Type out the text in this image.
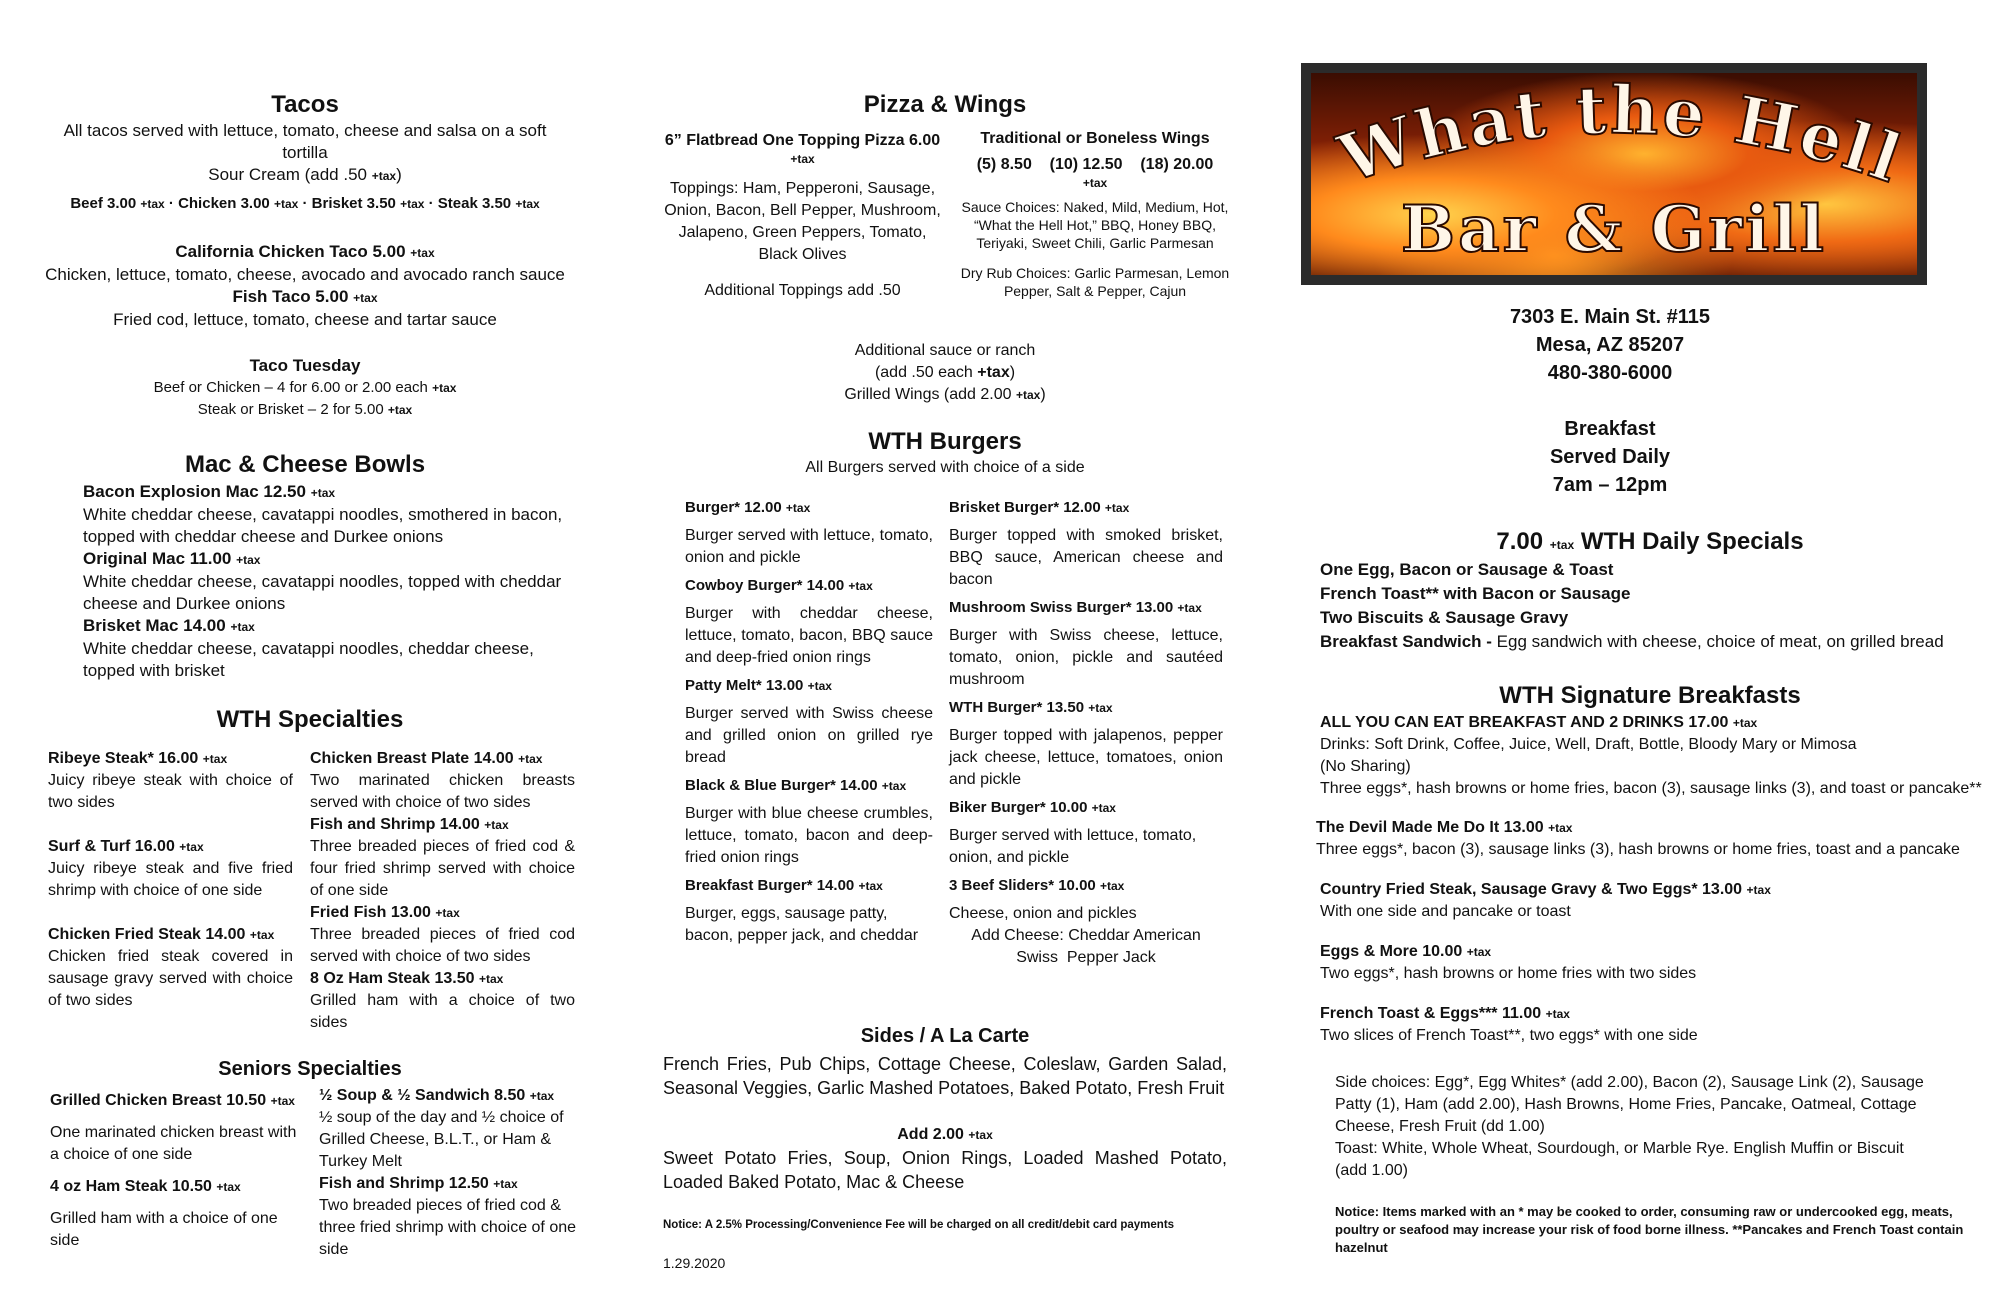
Tacos
All tacos served with lettuce, tomato, cheese and salsa on a soft
tortilla
Sour Cream (add .50 +tax)
Beef 3.00 +tax · Chicken 3.00 +tax · Brisket 3.50 +tax · Steak 3.50 +tax
California Chicken Taco 5.00 +tax
Chicken, lettuce, tomato, cheese, avocado and avocado ranch sauce
Fish Taco 5.00 +tax
Fried cod, lettuce, tomato, cheese and tartar sauce
Taco Tuesday
Beef or Chicken – 4 for 6.00 or 2.00 each +tax
Steak or Brisket – 2 for 5.00 +tax
Mac & Cheese Bowls
Bacon Explosion Mac 12.50 +tax
White cheddar cheese, cavatappi noodles, smothered in bacon, topped with cheddar cheese and Durkee onions
Original Mac 11.00 +tax
White cheddar cheese, cavatappi noodles, topped with cheddar cheese and Durkee onions
Brisket Mac 14.00 +tax
White cheddar cheese, cavatappi noodles, cheddar cheese, topped with brisket
WTH Specialties
Ribeye Steak* 16.00 +tax
Juicy ribeye steak with choice of two sides
Surf & Turf 16.00 +tax
Juicy ribeye steak and five fried shrimp with choice of one side
Chicken Fried Steak 14.00 +tax
Chicken fried steak covered in sausage gravy served with choice of two sides
Chicken Breast Plate 14.00 +tax
Two marinated chicken breasts served with choice of two sides
Fish and Shrimp 14.00 +tax
Three breaded pieces of fried cod & four fried shrimp served with choice of one side
Fried Fish 13.00 +tax
Three breaded pieces of fried cod served with choice of two sides
8 Oz Ham Steak 13.50 +tax
Grilled ham with a choice of two sides
Seniors Specialties
Grilled Chicken Breast 10.50 +tax
One marinated chicken breast with a choice of one side
4 oz Ham Steak 10.50 +tax
Grilled ham with a choice of one side
½ Soup & ½ Sandwich 8.50 +tax
½ soup of the day and ½ choice of Grilled Cheese, B.L.T., or Ham & Turkey Melt
Fish and Shrimp 12.50 +tax
Two breaded pieces of fried cod & three fried shrimp with choice of one side
Pizza & Wings
6” Flatbread One Topping Pizza 6.00
+tax
Toppings: Ham, Pepperoni, Sausage, Onion, Bacon, Bell Pepper, Mushroom, Jalapeno, Green Peppers, Tomato, Black Olives
Additional Toppings add .50
Traditional or Boneless Wings
(5) 8.50    (10) 12.50    (18) 20.00
+tax
Sauce Choices: Naked, Mild, Medium, Hot, “What the Hell Hot,” BBQ, Honey BBQ, Teriyaki, Sweet Chili, Garlic Parmesan
Dry Rub Choices: Garlic Parmesan, Lemon Pepper, Salt & Pepper, Cajun
Additional sauce or ranch
(add .50 each +tax)
Grilled Wings (add 2.00 +tax)
WTH Burgers
All Burgers served with choice of a side
Burger* 12.00 +tax
Burger served with lettuce, tomato, onion and pickle
Cowboy Burger* 14.00 +tax
Burger with cheddar cheese, lettuce, tomato, bacon, BBQ sauce and deep-fried onion rings
Patty Melt* 13.00 +tax
Burger served with Swiss cheese and grilled onion on grilled rye bread
Black & Blue Burger* 14.00 +tax
Burger with blue cheese crumbles, lettuce, tomato, bacon and deep-fried onion rings
Breakfast Burger* 14.00 +tax
Burger, eggs, sausage patty, bacon, pepper jack, and cheddar
Brisket Burger* 12.00 +tax
Burger topped with smoked brisket, BBQ sauce, American cheese and bacon
Mushroom Swiss Burger* 13.00 +tax
Burger with Swiss cheese, lettuce, tomato, onion, pickle and sautéed mushroom
WTH Burger* 13.50 +tax
Burger topped with jalapenos, pepper jack cheese, lettuce, tomatoes, onion and pickle
Biker Burger* 10.00 +tax
Burger served with lettuce, tomato, onion, and pickle
3 Beef Sliders* 10.00 +tax
Cheese, onion and pickles
Add Cheese: Cheddar American
Swiss  Pepper Jack
Sides / A La Carte
French Fries, Pub Chips, Cottage Cheese, Coleslaw, Garden Salad, Seasonal Veggies, Garlic Mashed Potatoes, Baked Potato, Fresh Fruit
Add 2.00 +tax
Sweet Potato Fries, Soup, Onion Rings, Loaded Mashed Potato, Loaded Baked Potato, Mac & Cheese
Notice: A 2.5% Processing/Convenience Fee will be charged on all credit/debit card payments
1.29.2020
What the Hell
Bar & Grill
7303 E. Main St. #115
Mesa, AZ 85207
480-380-6000
Breakfast
Served Daily
7am – 12pm
7.00 +tax WTH Daily Specials
One Egg, Bacon or Sausage & Toast
French Toast** with Bacon or Sausage
Two Biscuits & Sausage Gravy
Breakfast Sandwich - Egg sandwich with cheese, choice of meat, on grilled bread
WTH Signature Breakfasts
ALL YOU CAN EAT BREAKFAST AND 2 DRINKS 17.00 +tax
Drinks: Soft Drink, Coffee, Juice, Well, Draft, Bottle, Bloody Mary or Mimosa
(No Sharing)
Three eggs*, hash browns or home fries, bacon (3), sausage links (3), and toast or pancake**
The Devil Made Me Do It 13.00 +tax
Three eggs*, bacon (3), sausage links (3), hash browns or home fries, toast and a pancake
Country Fried Steak, Sausage Gravy & Two Eggs* 13.00 +tax
With one side and pancake or toast
Eggs & More 10.00 +tax
Two eggs*, hash browns or home fries with two sides
French Toast & Eggs*** 11.00 +tax
Two slices of French Toast**, two eggs* with one side
Side choices: Egg*, Egg Whites* (add 2.00), Bacon (2), Sausage Link (2), Sausage Patty (1), Ham (add 2.00), Hash Browns, Home Fries, Pancake, Oatmeal, Cottage Cheese, Fresh Fruit (dd 1.00)
Toast: White, Whole Wheat, Sourdough, or Marble Rye. English Muffin or Biscuit (add 1.00)
Notice: Items marked with an * may be cooked to order, consuming raw or undercooked egg, meats, poultry or seafood may increase your risk of food borne illness. **Pancakes and French Toast contain hazelnut
